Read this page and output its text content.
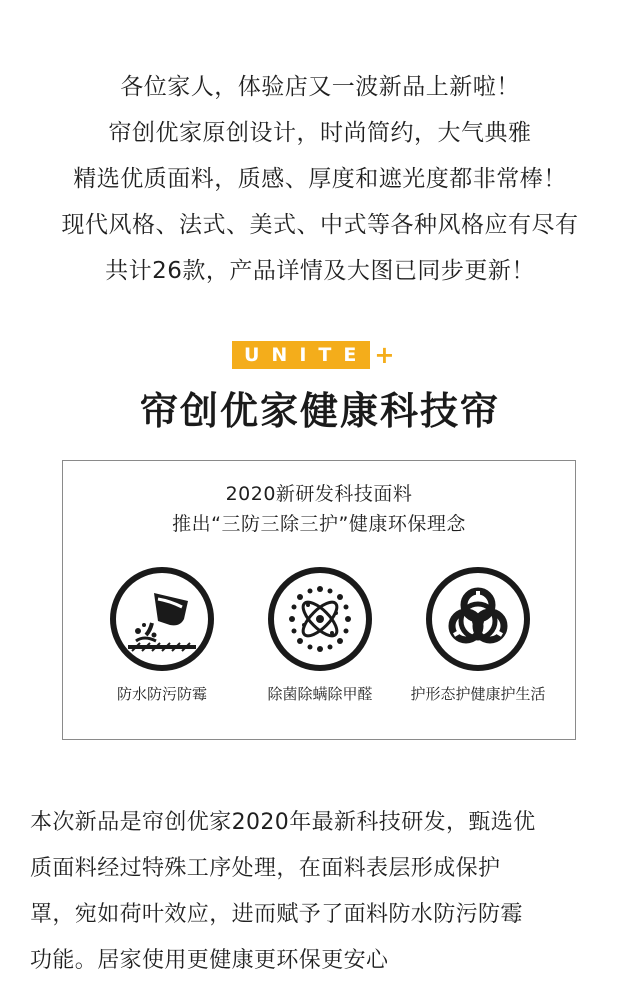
各位家人，体验店又一波新品上新啦！
帘创优家原创设计，时尚简约，大气典雅
精选优质面料，质感、厚度和遮光度都非常棒！
现代风格、法式、美式、中式等各种风格应有尽有
共计26款，产品详情及大图已同步更新！
UNITE +
帘创优家健康科技帘
2020新研发科技面料
推出“三防三除三护”健康环保理念
防水防污防霉	除菌除螨除甲醛	护形态护健康护生活
本次新品是帘创优家2020年最新科技研发，甄选优
质面料经过特殊工序处理，在面料表层形成保护
罩，宛如荷叶效应，进而赋予了面料防水防污防霉
功能。居家使用更健康更环保更安心
